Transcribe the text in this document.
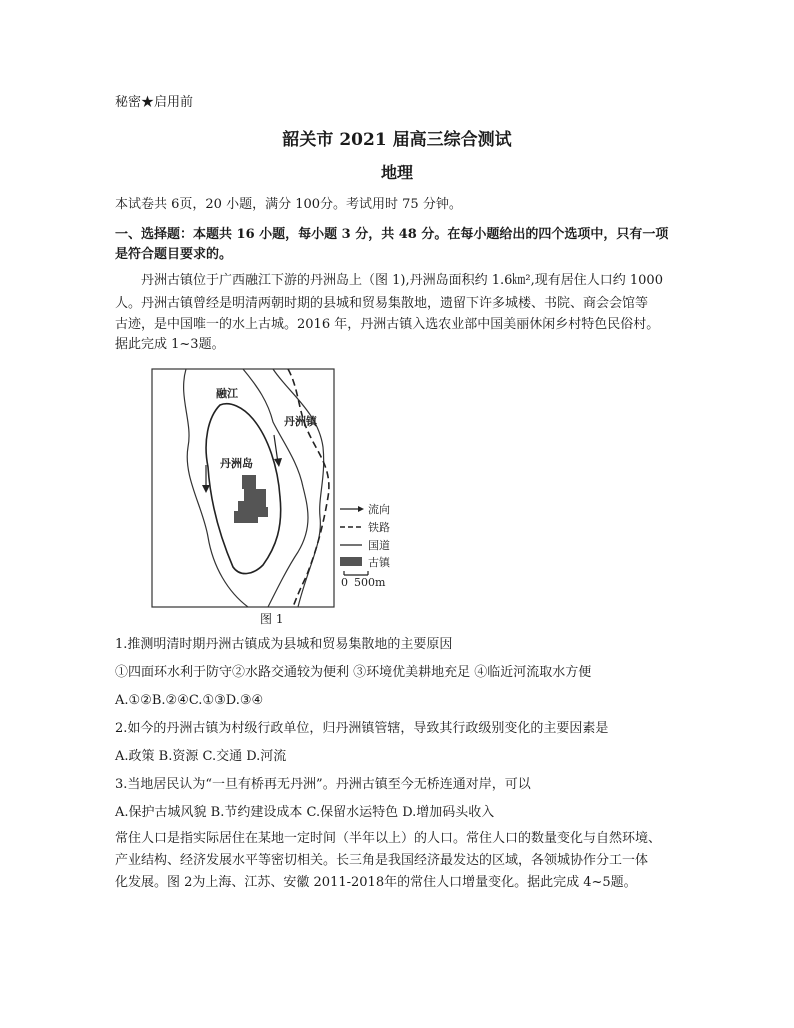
秘密★启用前
韶关市 2021 届高三综合测试
地理
本试卷共 6页，20 小题，满分 100分。考试用时 75 分钟。
一、选择题：本题共 16 小题，每小题 3 分，共 48 分。在每小题给出的四个选项中，只有一项
是符合题目要求的。
　　丹洲古镇位于广西融江下游的丹洲岛上（图 1),丹洲岛面积约 1.6㎞²,现有居住人口约 1000
人。丹洲古镇曾经是明清两朝时期的县城和贸易集散地，遗留下许多城楼、书院、商会会馆等
古迹，是中国唯一的水上古城。2016 年，丹洲古镇入选农业部中国美丽休闲乡村特色民俗村。
据此完成 1~3题。
融江
丹洲岛
丹洲镇
流向
铁路
国道
古镇
0 500m
图 1
1.推测明清时期丹洲古镇成为县城和贸易集散地的主要原因
①四面环水利于防守②水路交通较为便利 ③环境优美耕地充足 ④临近河流取水方便
A.①②B.②④C.①③D.③④
2.如今的丹洲古镇为村级行政单位，归丹洲镇管辖，导致其行政级别变化的主要因素是
A.政策 B.资源 C.交通 D.河流
3.当地居民认为“一旦有桥再无丹洲”。丹洲古镇至今无桥连通对岸，可以
A.保护古城风貌 B.节约建设成本 C.保留水运特色 D.增加码头收入
常住人口是指实际居住在某地一定时间（半年以上）的人口。常住人口的数量变化与自然环境、
产业结构、经济发展水平等密切相关。长三角是我国经济最发达的区域，各领城协作分工一体
化发展。图 2为上海、江苏、安徽 2011-2018年的常住人口增量变化。据此完成 4~5题。
